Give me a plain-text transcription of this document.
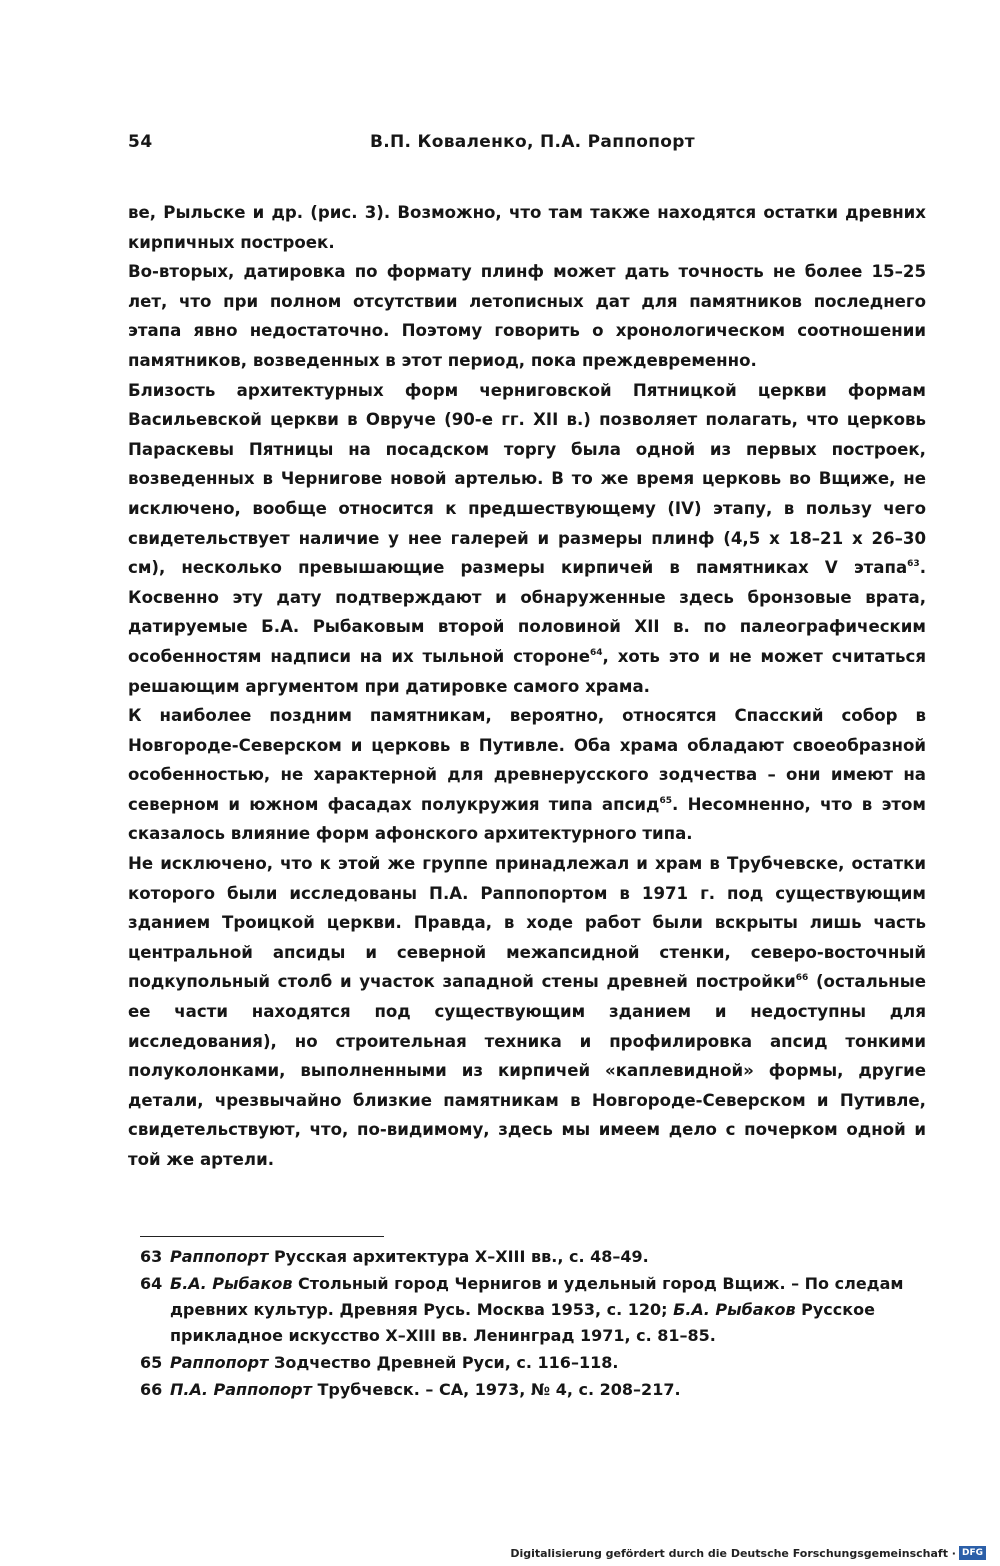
54	В.П. Коваленко, П.А. Раппопорт

ве, Рыльске и др. (рис. 3). Возможно, что там также находятся остатки древних кирпичных построек.

Во-вторых, датировка по формату плинф может дать точность не более 15–25 лет, что при полном отсутствии летописных дат для памятников последнего этапа явно недостаточно. Поэтому говорить о хронологическом соотношении памятников, возведенных в этот период, пока преждевременно.

Близость архитектурных форм черниговской Пятницкой церкви формам Васильевской церкви в Овруче (90-е гг. XII в.) позволяет полагать, что церковь Параскевы Пятницы на посадском торгу была одной из первых построек, возведенных в Чернигове новой артелью. В то же время церковь во Вщиже, не исключено, вообще относится к предшествующему (IV) этапу, в пользу чего свидетельствует наличие у нее галерей и размеры плинф (4,5 х 18–21 х 26–30 см), несколько превышающие размеры кирпичей в памятниках V этапа$^{63}$. Косвенно эту дату подтверждают и обнаруженные здесь бронзовые врата, датируемые Б.А. Рыбаковым второй половиной XII в. по палеографическим особенностям надписи на их тыльной стороне$^{64}$, хоть это и не может считаться решающим аргументом при датировке самого храма.

К наиболее поздним памятникам, вероятно, относятся Спасский собор в Новгороде-Северском и церковь в Путивле. Оба храма обладают своеобразной особенностью, не характерной для древнерусского зодчества – они имеют на северном и южном фасадах полукружия типа апсид$^{65}$. Несомненно, что в этом сказалось влияние форм афонского архитектурного типа.

Не исключено, что к этой же группе принадлежал и храм в Трубчевске, остатки которого были исследованы П.А. Раппопортом в 1971 г. под существующим зданием Троицкой церкви. Правда, в ходе работ были вскрыты лишь часть центральной апсиды и северной межапсидной стенки, северо-восточный подкупольный столб и участок западной стены древней постройки$^{66}$ (остальные ее части находятся под существующим зданием и недоступны для исследования), но строительная техника и профилировка апсид тонкими полуколонками, выполненными из кирпичей «каплевидной» формы, другие детали, чрезвычайно близкие памятникам в Новгороде-Северском и Путивле, свидетельствуют, что, по-видимому, здесь мы имеем дело с почерком одной и той же артели.

63 Раппопорт Русская архитектура X–XIII вв., с. 48–49.
64 Б.А. Рыбаков Стольный город Чернигов и удельный город Вщиж. – По следам древних культур. Древняя Русь. Москва 1953, с. 120; Б.А. Рыбаков Русское прикладное искусство X–XIII вв. Ленинград 1971, с. 81–85.
65 Раппопорт Зодчество Древней Руси, с. 116–118.
66 П.А. Раппопорт Трубчевск. – СА, 1973, № 4, с. 208–217.
Digitalisierung gefördert durch die Deutsche Forschungsgemeinschaft · DFG
